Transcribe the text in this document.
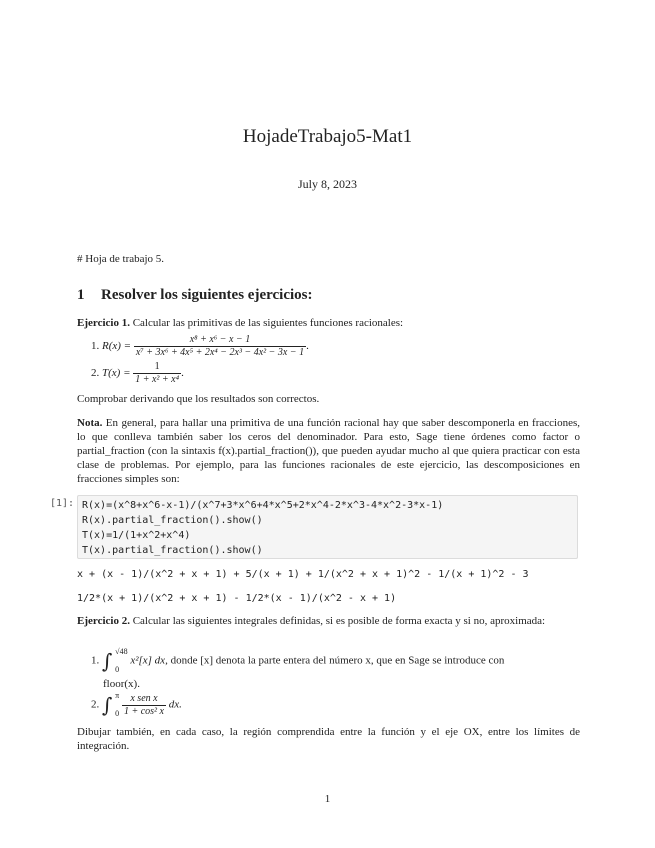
HojadeTrabajo5-Mat1
July 8, 2023
# Hoja de trabajo 5.
1 Resolver los siguientes ejercicios:
Ejercicio 1. Calcular las primitivas de las siguientes funciones racionales:
1. $R(x) = \frac{\text{x⁸ + x⁶ − x − 1}}{\text{x⁷ + 3x⁶ + 4x⁵ + 2x⁴ − 2x³ − 4x² − 3x − 1}}$ .
2. $T(x) = \frac{1}{\text{1 + x² + x⁴}}$ .
Comprobar derivando que los resultados son correctos.
Nota. En general, para hallar una primitiva de una función racional hay que saber descomponerla en fracciones, lo que conlleva también saber los ceros del denominador. Para esto, Sage tiene órdenes como factor o partial_fraction (con la sintaxis f(x).partial_fraction()), que pueden ayudar mucho al que quiera practicar con esta clase de problemas. Por ejemplo, para las funciones racionales de este ejercicio, las descomposiciones en fracciones simples son:
[1]: R(x)=(x^8+x^6-x-1)/(x^7+3*x^6+4*x^5+2*x^4-2*x^3-4*x^2-3*x-1)
R(x).partial_fraction().show()
T(x)=1/(1+x^2+x^4)
T(x).partial_fraction().show()
x + (x - 1)/(x^2 + x + 1) + 5/(x + 1) + 1/(x^2 + x + 1)^2 - 1/(x + 1)^2 - 3
1/2*(x + 1)/(x^2 + x + 1) - 1/2*(x - 1)/(x^2 - x + 1)
Ejercicio 2. Calcular las siguientes integrales definidas, si es posible de forma exacta y si no, aproximada:
1. ∫ √48
0
x²[x] dx, donde [x] denota la parte entera del número x, que en Sage se introduce con
floor(x).
2. ∫ π
0
$\frac{\text{x sen x}}{\text{1 + cos² x}}$ dx.
Dibujar también, en cada caso, la región comprendida entre la función y el eje OX, entre los límites de integración.
1
